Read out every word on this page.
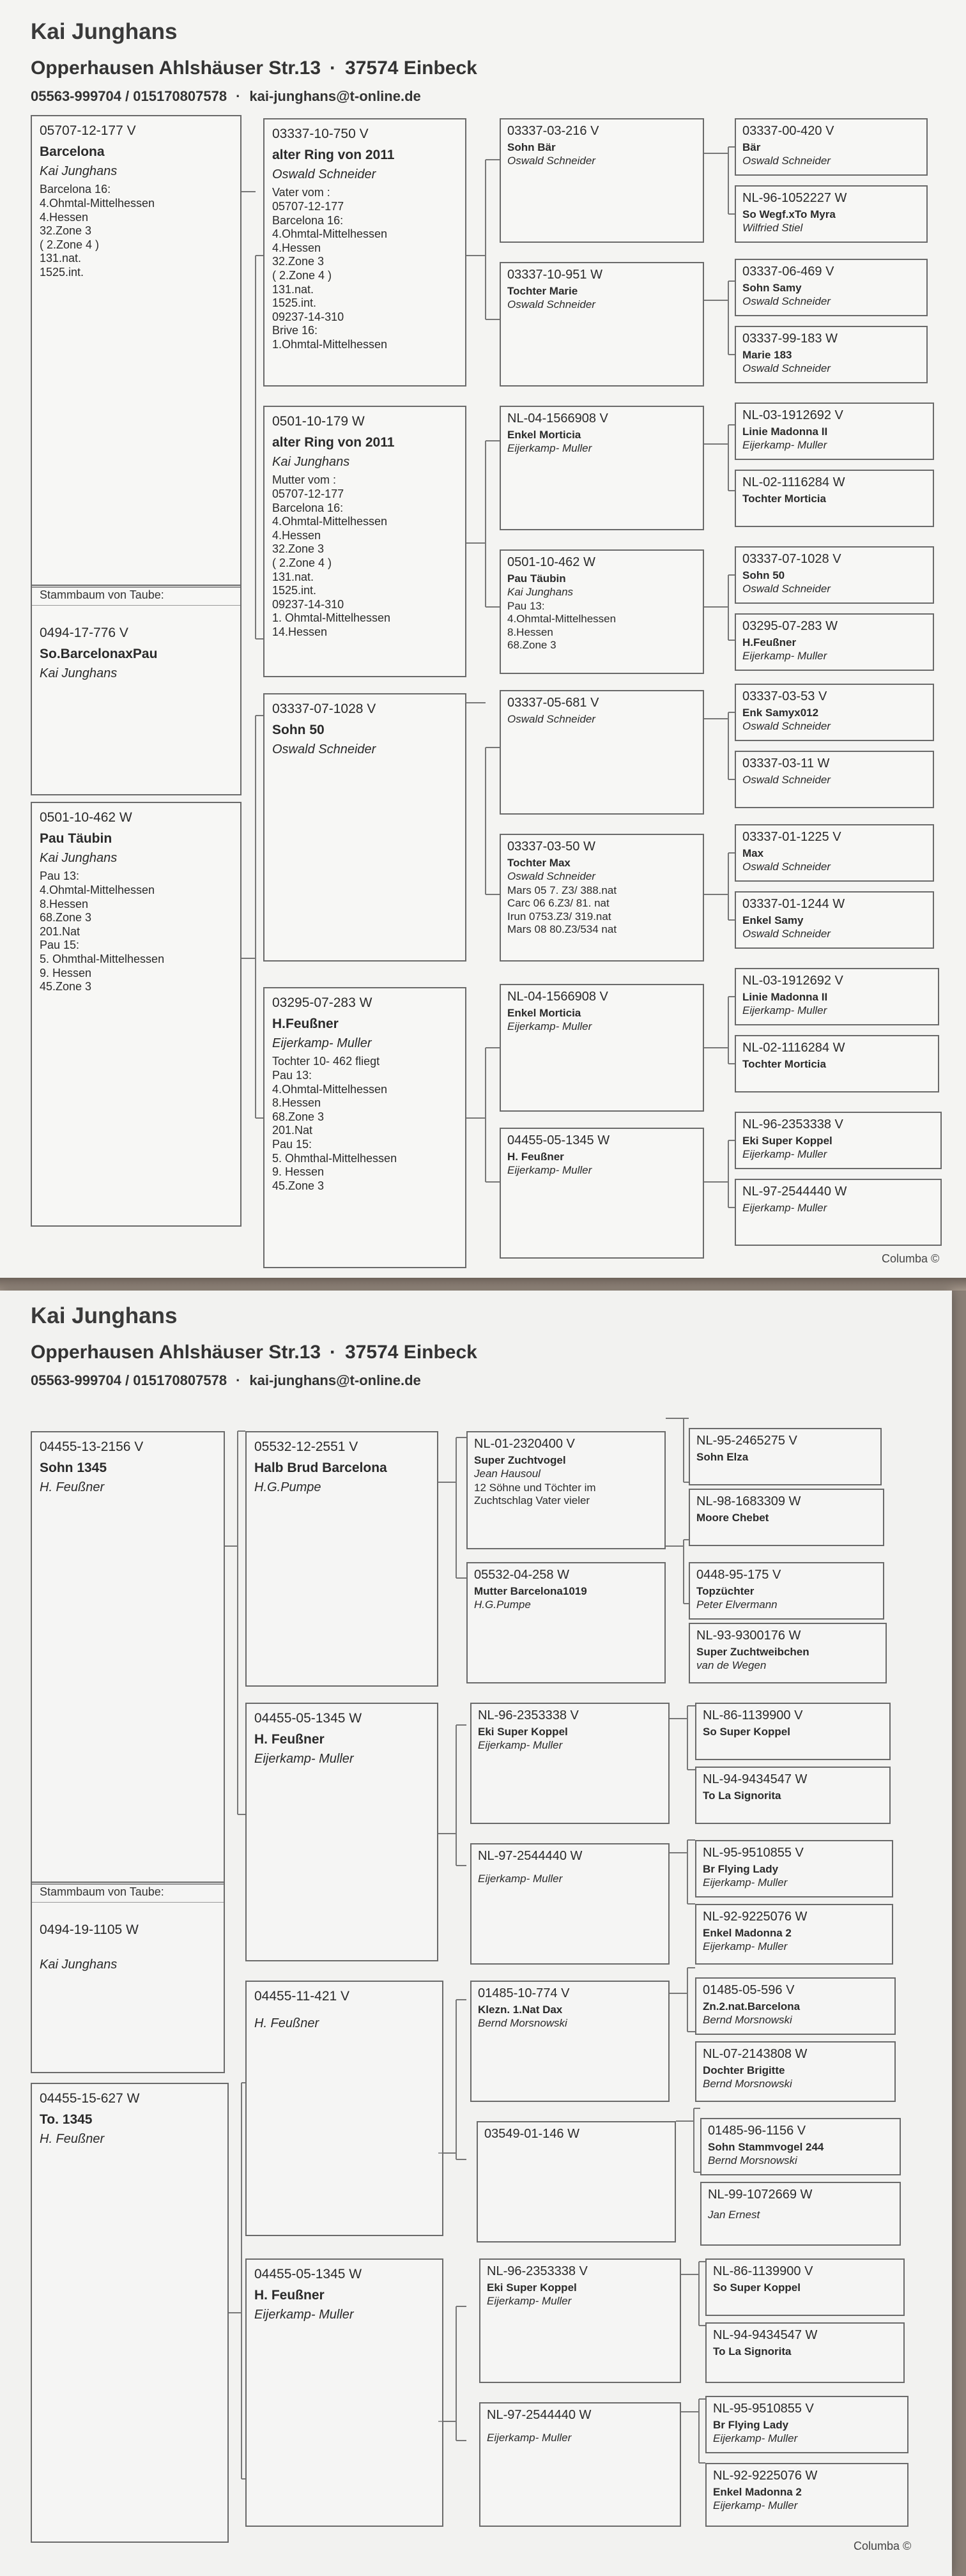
Kai Junghans
Opperhausen Ahlshäuser Str.13 · 37574 Einbeck
05563-999704 / 015170807578 · kai-junghans@t-online.de
05707-12-177 V
Barcelona
Kai Junghans
Barcelona 16:
4.Ohmtal-Mittelhessen
4.Hessen
32.Zone 3
( 2.Zone 4 )
131.nat.
1525.int.
Stammbaum von Taube:
0494-17-776 V
So.BarcelonaxPau
Kai Junghans
0501-10-462 W
Pau Täubin
Kai Junghans
Pau 13:
4.Ohmtal-Mittelhessen
8.Hessen
68.Zone 3
201.Nat
Pau 15:
5. Ohmthal-Mittelhessen
9. Hessen
45.Zone 3
03337-10-750 V
alter Ring von 2011
Oswald Schneider
Vater vom :
05707-12-177
Barcelona 16:
4.Ohmtal-Mittelhessen
4.Hessen
32.Zone 3
( 2.Zone 4 )
131.nat.
1525.int.
09237-14-310
Brive 16:
1.Ohmtal-Mittelhessen
0501-10-179 W
alter Ring von 2011
Kai Junghans
Mutter vom :
05707-12-177
Barcelona 16:
4.Ohmtal-Mittelhessen
4.Hessen
32.Zone 3
( 2.Zone 4 )
131.nat.
1525.int.
09237-14-310
1. Ohmtal-Mittelhessen
14.Hessen
03337-07-1028 V
Sohn 50
Oswald Schneider
03295-07-283 W
H.Feußner
Eijerkamp- Muller
Tochter 10- 462 fliegt
Pau 13:
4.Ohmtal-Mittelhessen
8.Hessen
68.Zone 3
201.Nat
Pau 15:
5. Ohmthal-Mittelhessen
9. Hessen
45.Zone 3
03337-03-216 V
Sohn Bär
Oswald Schneider
03337-10-951 W
Tochter Marie
Oswald Schneider
NL-04-1566908 V
Enkel Morticia
Eijerkamp- Muller
0501-10-462 W
Pau Täubin
Kai Junghans
Pau 13:
4.Ohmtal-Mittelhessen
8.Hessen
68.Zone 3
03337-05-681 V
Oswald Schneider
03337-03-50 W
Tochter Max
Oswald Schneider
Mars 05 7. Z3/ 388.nat
Carc 06 6.Z3/ 81. nat
Irun 0753.Z3/ 319.nat
Mars 08 80.Z3/534 nat
NL-04-1566908 V
Enkel Morticia
Eijerkamp- Muller
04455-05-1345 W
H. Feußner
Eijerkamp- Muller
03337-00-420 V
Bär
Oswald Schneider
NL-96-1052227 W
So Wegf.xTo Myra
Wilfried Stiel
03337-06-469 V
Sohn Samy
Oswald Schneider
03337-99-183 W
Marie 183
Oswald Schneider
NL-03-1912692 V
Linie Madonna II
Eijerkamp- Muller
NL-02-1116284 W
Tochter Morticia
03337-07-1028 V
Sohn 50
Oswald Schneider
03295-07-283 W
H.Feußner
Eijerkamp- Muller
03337-03-53 V
Enk Samyx012
Oswald Schneider
03337-03-11 W
Oswald Schneider
03337-01-1225 V
Max
Oswald Schneider
03337-01-1244 W
Enkel Samy
Oswald Schneider
NL-03-1912692 V
Linie Madonna II
Eijerkamp- Muller
NL-02-1116284 W
Tochter Morticia
NL-96-2353338 V
Eki Super Koppel
Eijerkamp- Muller
NL-97-2544440 W
Eijerkamp- Muller
Columba ©
Kai Junghans
Opperhausen Ahlshäuser Str.13 · 37574 Einbeck
05563-999704 / 015170807578 · kai-junghans@t-online.de
04455-13-2156 V
Sohn 1345
H. Feußner
Stammbaum von Taube:
0494-19-1105 W
Kai Junghans
04455-15-627 W
To. 1345
H. Feußner
05532-12-2551 V
Halb Brud Barcelona
H.G.Pumpe
04455-05-1345 W
H. Feußner
Eijerkamp- Muller
04455-11-421 V
H. Feußner
04455-05-1345 W
H. Feußner
Eijerkamp- Muller
NL-01-2320400 V
Super Zuchtvogel
Jean Hausoul
12 Söhne und Töchter im
Zuchtschlag Vater vieler
05532-04-258 W
Mutter Barcelona1019
H.G.Pumpe
NL-96-2353338 V
Eki Super Koppel
Eijerkamp- Muller
NL-97-2544440 W
Eijerkamp- Muller
01485-10-774 V
Klezn. 1.Nat Dax
Bernd Morsnowski
03549-01-146 W
NL-96-2353338 V
Eki Super Koppel
Eijerkamp- Muller
NL-97-2544440 W
Eijerkamp- Muller
NL-95-2465275 V
Sohn Elza
NL-98-1683309 W
Moore Chebet
0448-95-175 V
Topzüchter
Peter Elvermann
NL-93-9300176 W
Super Zuchtweibchen
van de Wegen
NL-86-1139900 V
So Super Koppel
NL-94-9434547 W
To La Signorita
NL-95-9510855 V
Br Flying Lady
Eijerkamp- Muller
NL-92-9225076 W
Enkel Madonna 2
Eijerkamp- Muller
01485-05-596 V
Zn.2.nat.Barcelona
Bernd Morsnowski
NL-07-2143808 W
Dochter Brigitte
Bernd Morsnowski
01485-96-1156 V
Sohn Stammvogel 244
Bernd Morsnowski
NL-99-1072669 W
Jan Ernest
NL-86-1139900 V
So Super Koppel
NL-94-9434547 W
To La Signorita
NL-95-9510855 V
Br Flying Lady
Eijerkamp- Muller
NL-92-9225076 W
Enkel Madonna 2
Eijerkamp- Muller
Columba ©
